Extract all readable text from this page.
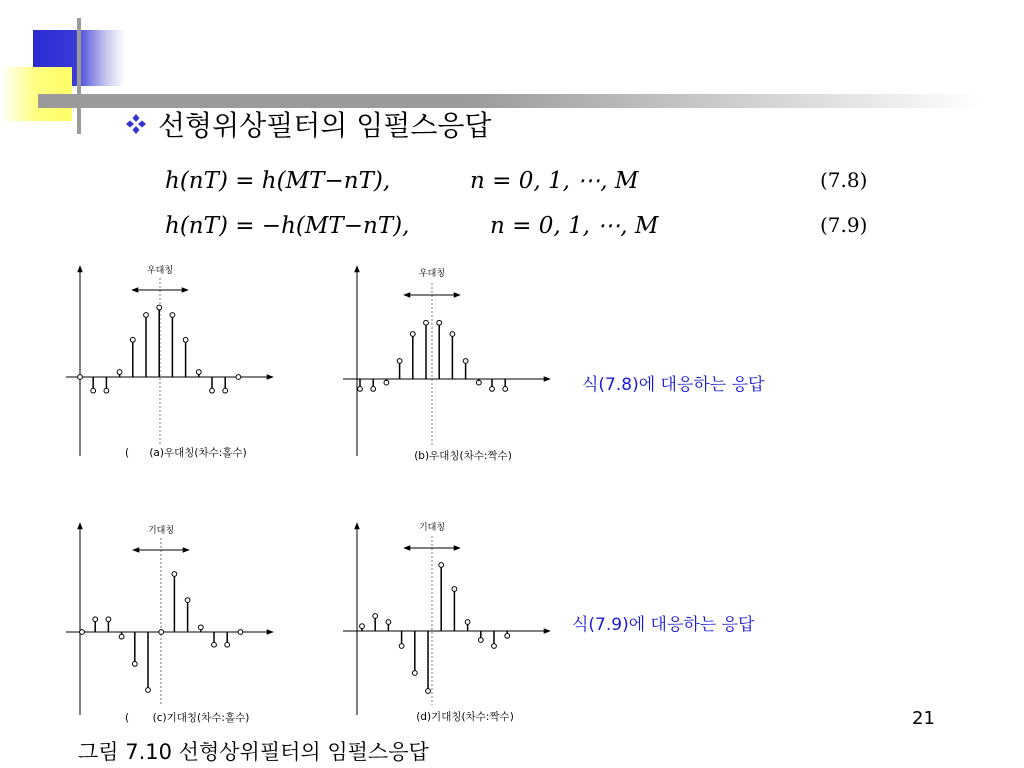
선형위상필터의 임펄스응답
h(nT) = h(MT−nT),	n = 0, 1, ⋯, M	(7.8)
h(nT) = −h(MT−nT),	n = 0, 1, ⋯, M	(7.9)
우대칭
(a)우대칭(차수:홀수)
(
우대칭
(b)우대칭(차수:짝수)
기대칭
(c)기대칭(차수:홀수)
(
기대칭
(d)기대칭(차수:짝수)
식(7.8)에 대응하는 응답
식(7.9)에 대응하는 응답
21
그림 7.10 선형상위필터의 임펄스응답
